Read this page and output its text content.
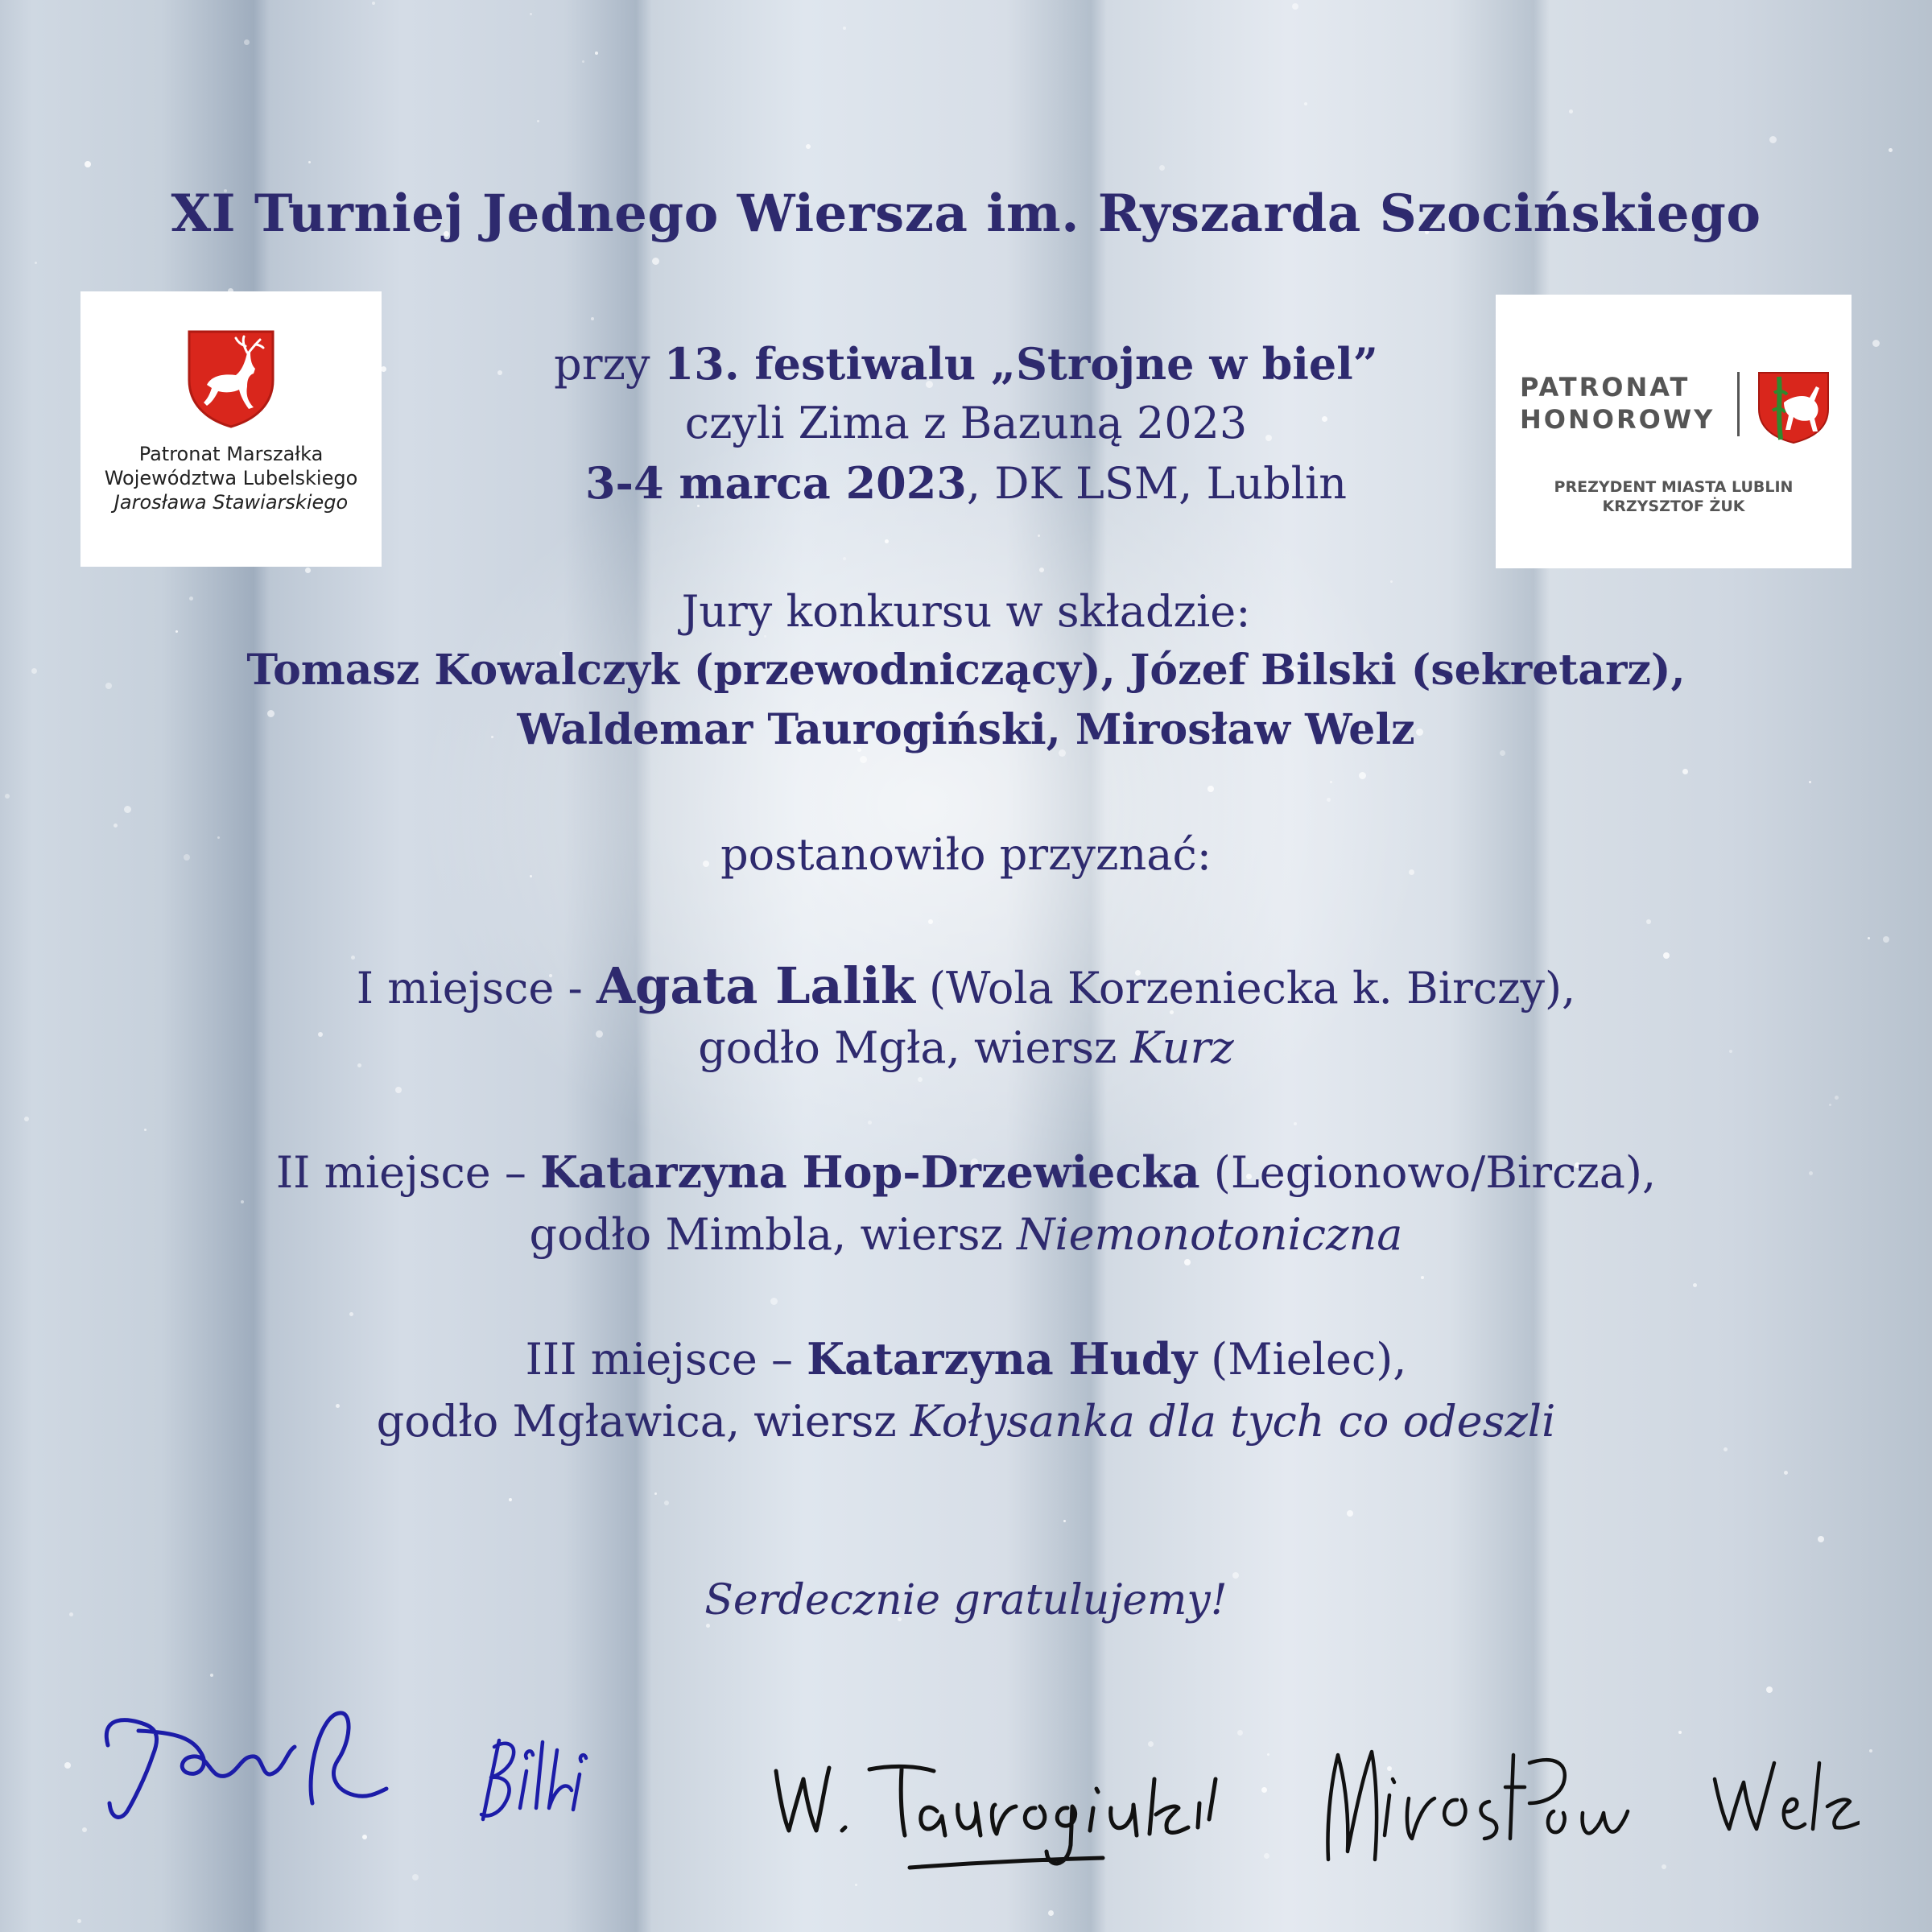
XI Turniej Jednego Wiersza im. Ryszarda Szocińskiego
Patronat Marszałka
Województwa Lubelskiego
Jarosława Stawiarskiego
PATRONAT
HONOROWY
PREZYDENT MIASTA LUBLIN
KRZYSZTOF ŻUK
przy 13. festiwalu „Strojne w biel”
czyli Zima z Bazuną 2023
3-4 marca 2023, DK LSM, Lublin
Jury konkursu w składzie:
Tomasz Kowalczyk (przewodniczący), Józef Bilski (sekretarz),
Waldemar Taurogiński, Mirosław Welz
postanowiło przyznać:
I miejsce - Agata Lalik (Wola Korzeniecka k. Birczy),
godło Mgła, wiersz Kurz
II miejsce – Katarzyna Hop-Drzewiecka (Legionowo/Bircza),
godło Mimbla, wiersz Niemonotoniczna
III miejsce – Katarzyna Hudy (Mielec),
godło Mgławica, wiersz Kołysanka dla tych co odeszli
Serdecznie gratulujemy!
